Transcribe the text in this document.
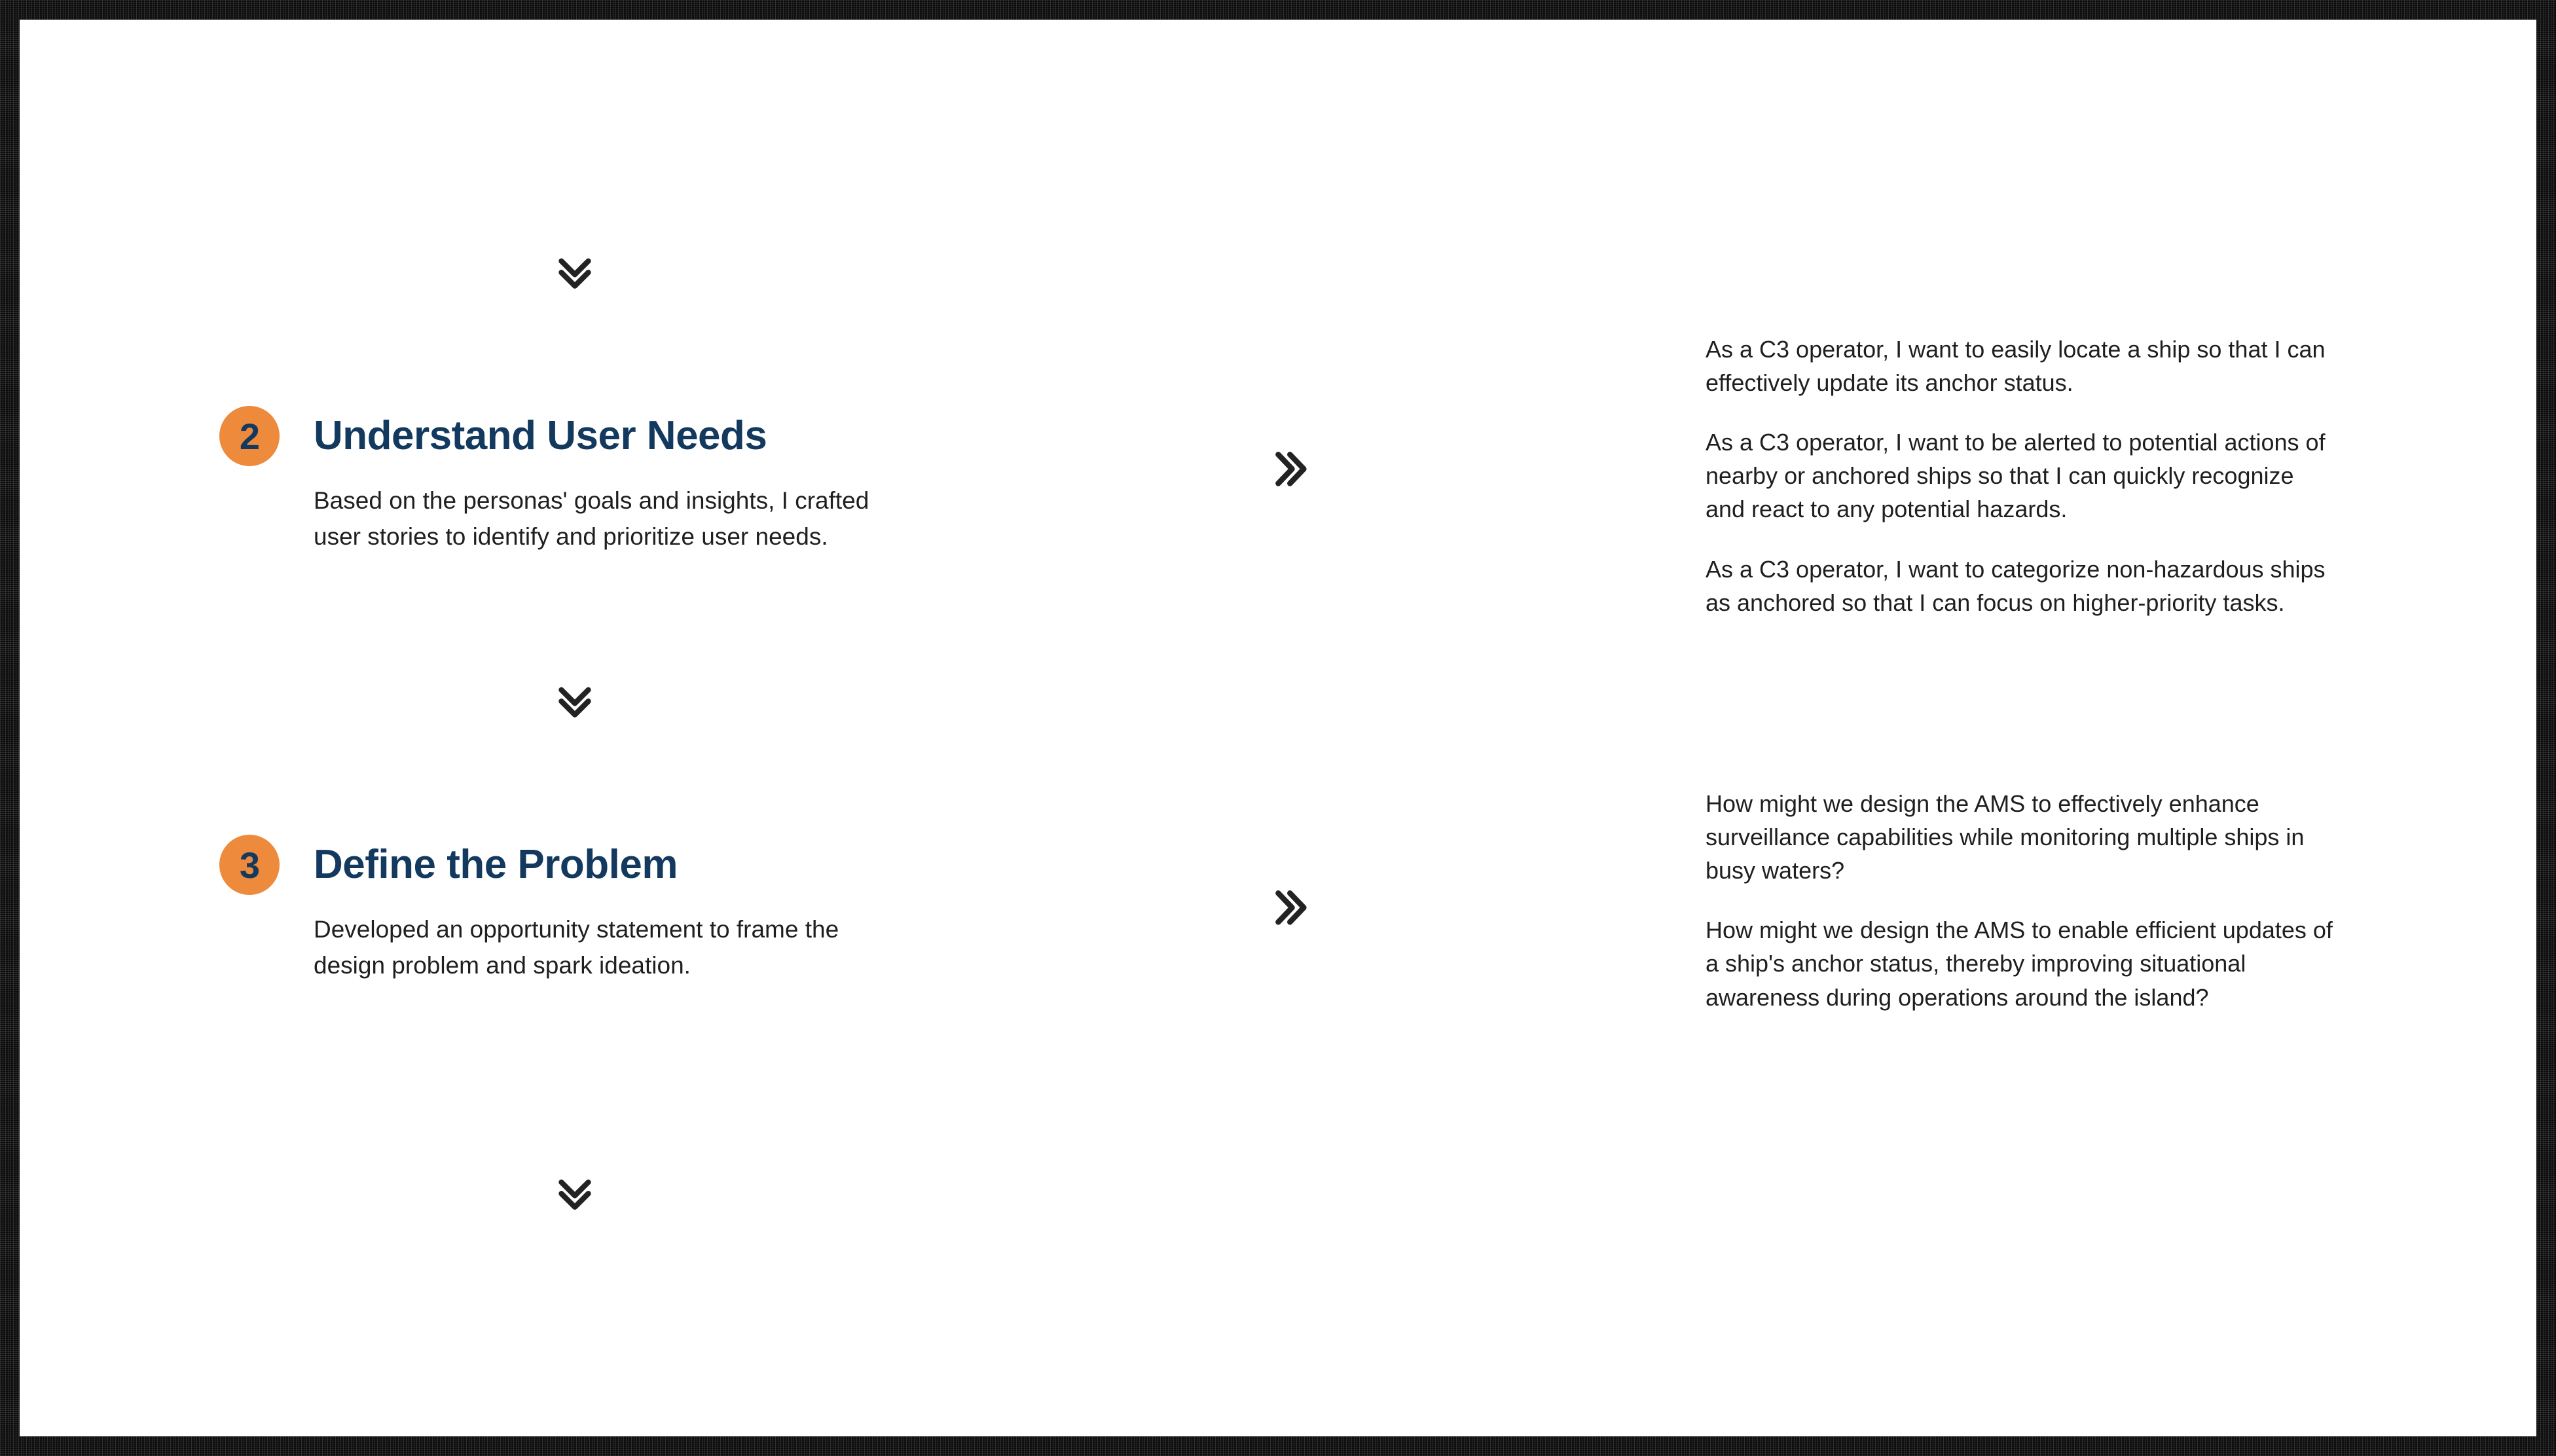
2	Understand User Needs
Based on the personas' goals and insights, I crafted user stories to identify and prioritize user needs.
As a C3 operator, I want to easily locate a ship so that I can effectively update its anchor status.
As a C3 operator, I want to be alerted to potential actions of nearby or anchored ships so that I can quickly recognize and react to any potential hazards.
As a C3 operator, I want to categorize non-hazardous ships as anchored so that I can focus on higher-priority tasks.
3	Define the Problem
Developed an opportunity statement to frame the design problem and spark ideation.
How might we design the AMS to effectively enhance surveillance capabilities while monitoring multiple ships in busy waters?
How might we design the AMS to enable efficient updates of a ship's anchor status, thereby improving situational awareness during operations around the island?
